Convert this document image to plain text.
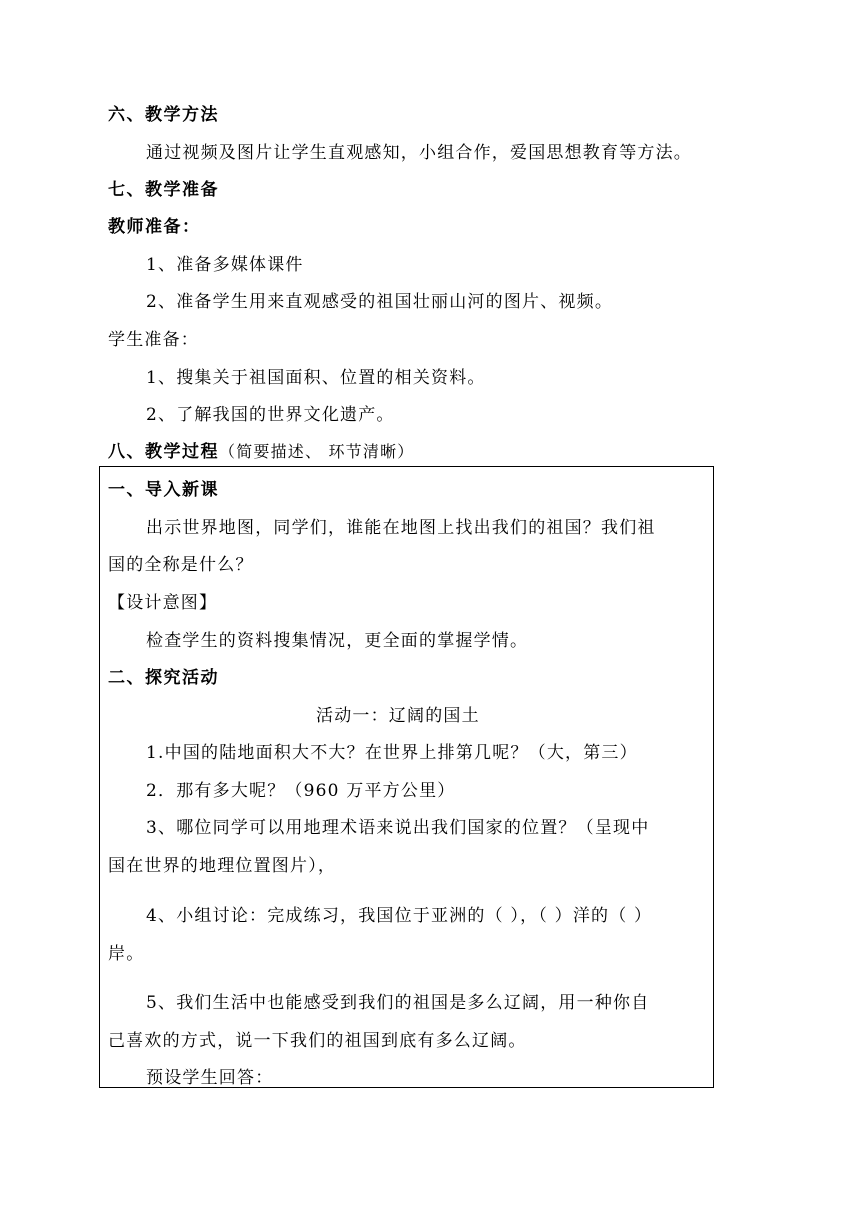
六、教学方法
通过视频及图片让学生直观感知，小组合作，爱国思想教育等方法。
七、教学准备
教师准备：
1、准备多媒体课件
2、准备学生用来直观感受的祖国壮丽山河的图片、视频。
学生准备：
1、搜集关于祖国面积、位置的相关资料。
2、了解我国的世界文化遗产。
八、教学过程（简要描述、 环节清晰）
一、导入新课
出示世界地图，同学们，谁能在地图上找出我们的祖国？我们祖
国的全称是什么？
【设计意图】
检查学生的资料搜集情况，更全面的掌握学情。
二、探究活动
活动一：辽阔的国土
1.中国的陆地面积大不大？在世界上排第几呢？（大，第三）
2．那有多大呢？（960 万平方公里）
3、哪位同学可以用地理术语来说出我们国家的位置？（呈现中
国在世界的地理位置图片），
4、小组讨论：完成练习，我国位于亚洲的（ ），（ ）洋的（ ）
岸。
5、我们生活中也能感受到我们的祖国是多么辽阔，用一种你自
己喜欢的方式，说一下我们的祖国到底有多么辽阔。
预设学生回答：
